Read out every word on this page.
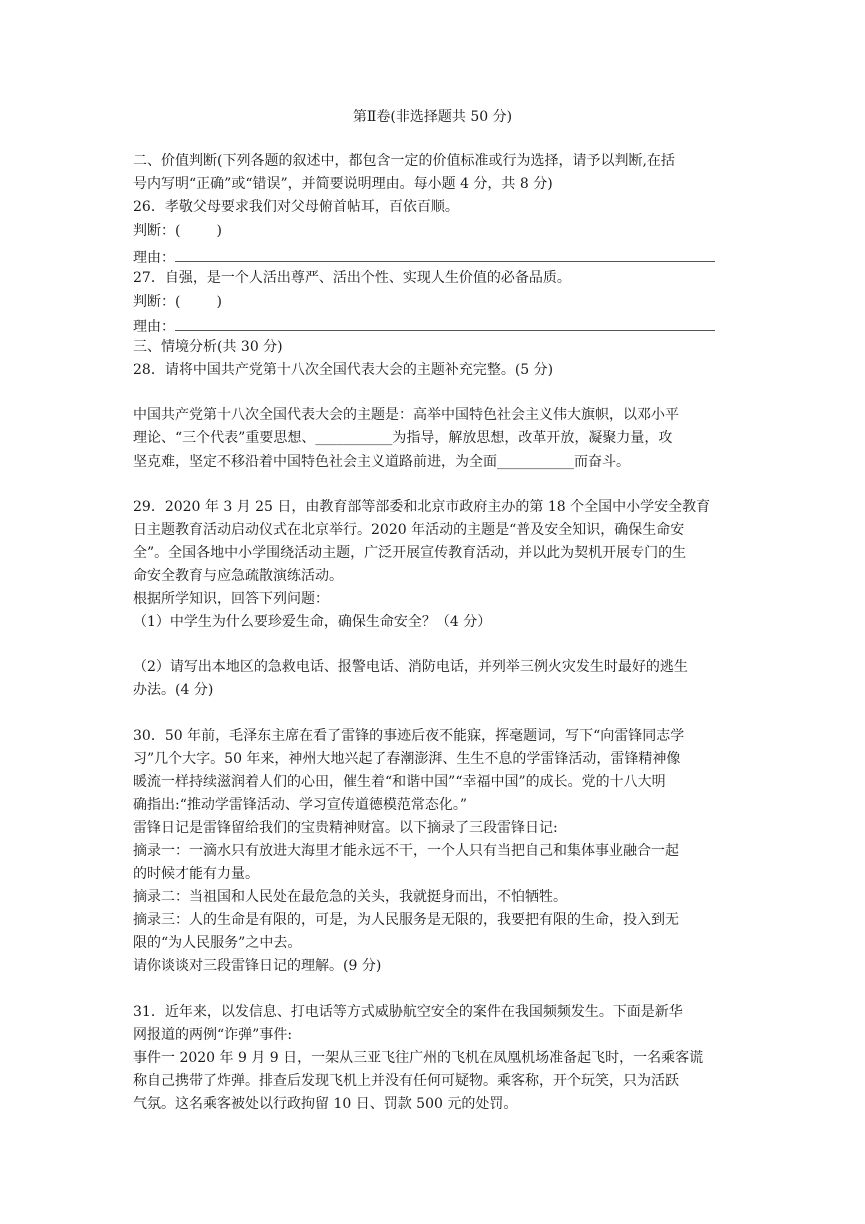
第Ⅱ卷(非选择题共 50 分)
二、价值判断(下列各题的叙述中，都包含一定的价值标准或行为选择，请予以判断,在括
号内写明“正确”或“错误”，并简要说明理由。每小题 4 分，共 8 分)
26．孝敬父母要求我们对父母俯首帖耳，百依百顺。
判断：(	)
理由：
27．自强，是一个人活出尊严、活出个性、实现人生价值的必备品质。
判断：(	)
理由：
三、情境分析(共 30 分)
28．请将中国共产党第十八次全国代表大会的主题补充完整。(5 分)
中国共产党第十八次全国代表大会的主题是：高举中国特色社会主义伟大旗帜，以邓小平
理论、“三个代表”重要思想、___________为指导，解放思想，改革开放，凝聚力量，攻
坚克难，坚定不移沿着中国特色社会主义道路前进，为全面___________而奋斗。
29．2020 年 3 月 25 日，由教育部等部委和北京市政府主办的第 18 个全国中小学安全教育
日主题教育活动启动仪式在北京举行。2020 年活动的主题是“普及安全知识，确保生命安
全”。全国各地中小学围绕活动主题，广泛开展宣传教育活动，并以此为契机开展专门的生
命安全教育与应急疏散演练活动。
根据所学知识，回答下列问题：
（1）中学生为什么要珍爱生命，确保生命安全？（4 分）
（2）请写出本地区的急救电话、报警电话、消防电话，并列举三例火灾发生时最好的逃生
办法。(4 分)
30．50 年前，毛泽东主席在看了雷锋的事迹后夜不能寐，挥毫题词，写下“向雷锋同志学
习”几个大字。50 年来，神州大地兴起了春潮澎湃、生生不息的学雷锋活动，雷锋精神像
暖流一样持续滋润着人们的心田，催生着“和谐中国”“幸福中国”的成长。党的十八大明
确指出:“推动学雷锋活动、学习宣传道德模范常态化。”
雷锋日记是雷锋留给我们的宝贵精神财富。以下摘录了三段雷锋日记:
摘录一：一滴水只有放进大海里才能永远不干，一个人只有当把自己和集体事业融合一起
的时候才能有力量。
摘录二：当祖国和人民处在最危急的关头，我就挺身而出，不怕牺牲。
摘录三：人的生命是有限的，可是，为人民服务是无限的，我要把有限的生命，投入到无
限的“为人民服务”之中去。
请你谈谈对三段雷锋日记的理解。(9 分)
31．近年来，以发信息、打电话等方式威胁航空安全的案件在我国频频发生。下面是新华
网报道的两例“诈弹”事件:
事件一 2020 年 9 月 9 日，一架从三亚飞往广州的飞机在凤凰机场准备起飞时，一名乘客谎
称自己携带了炸弹。排查后发现飞机上并没有任何可疑物。乘客称，开个玩笑，只为活跃
气氛。这名乘客被处以行政拘留 10 日、罚款 500 元的处罚。
